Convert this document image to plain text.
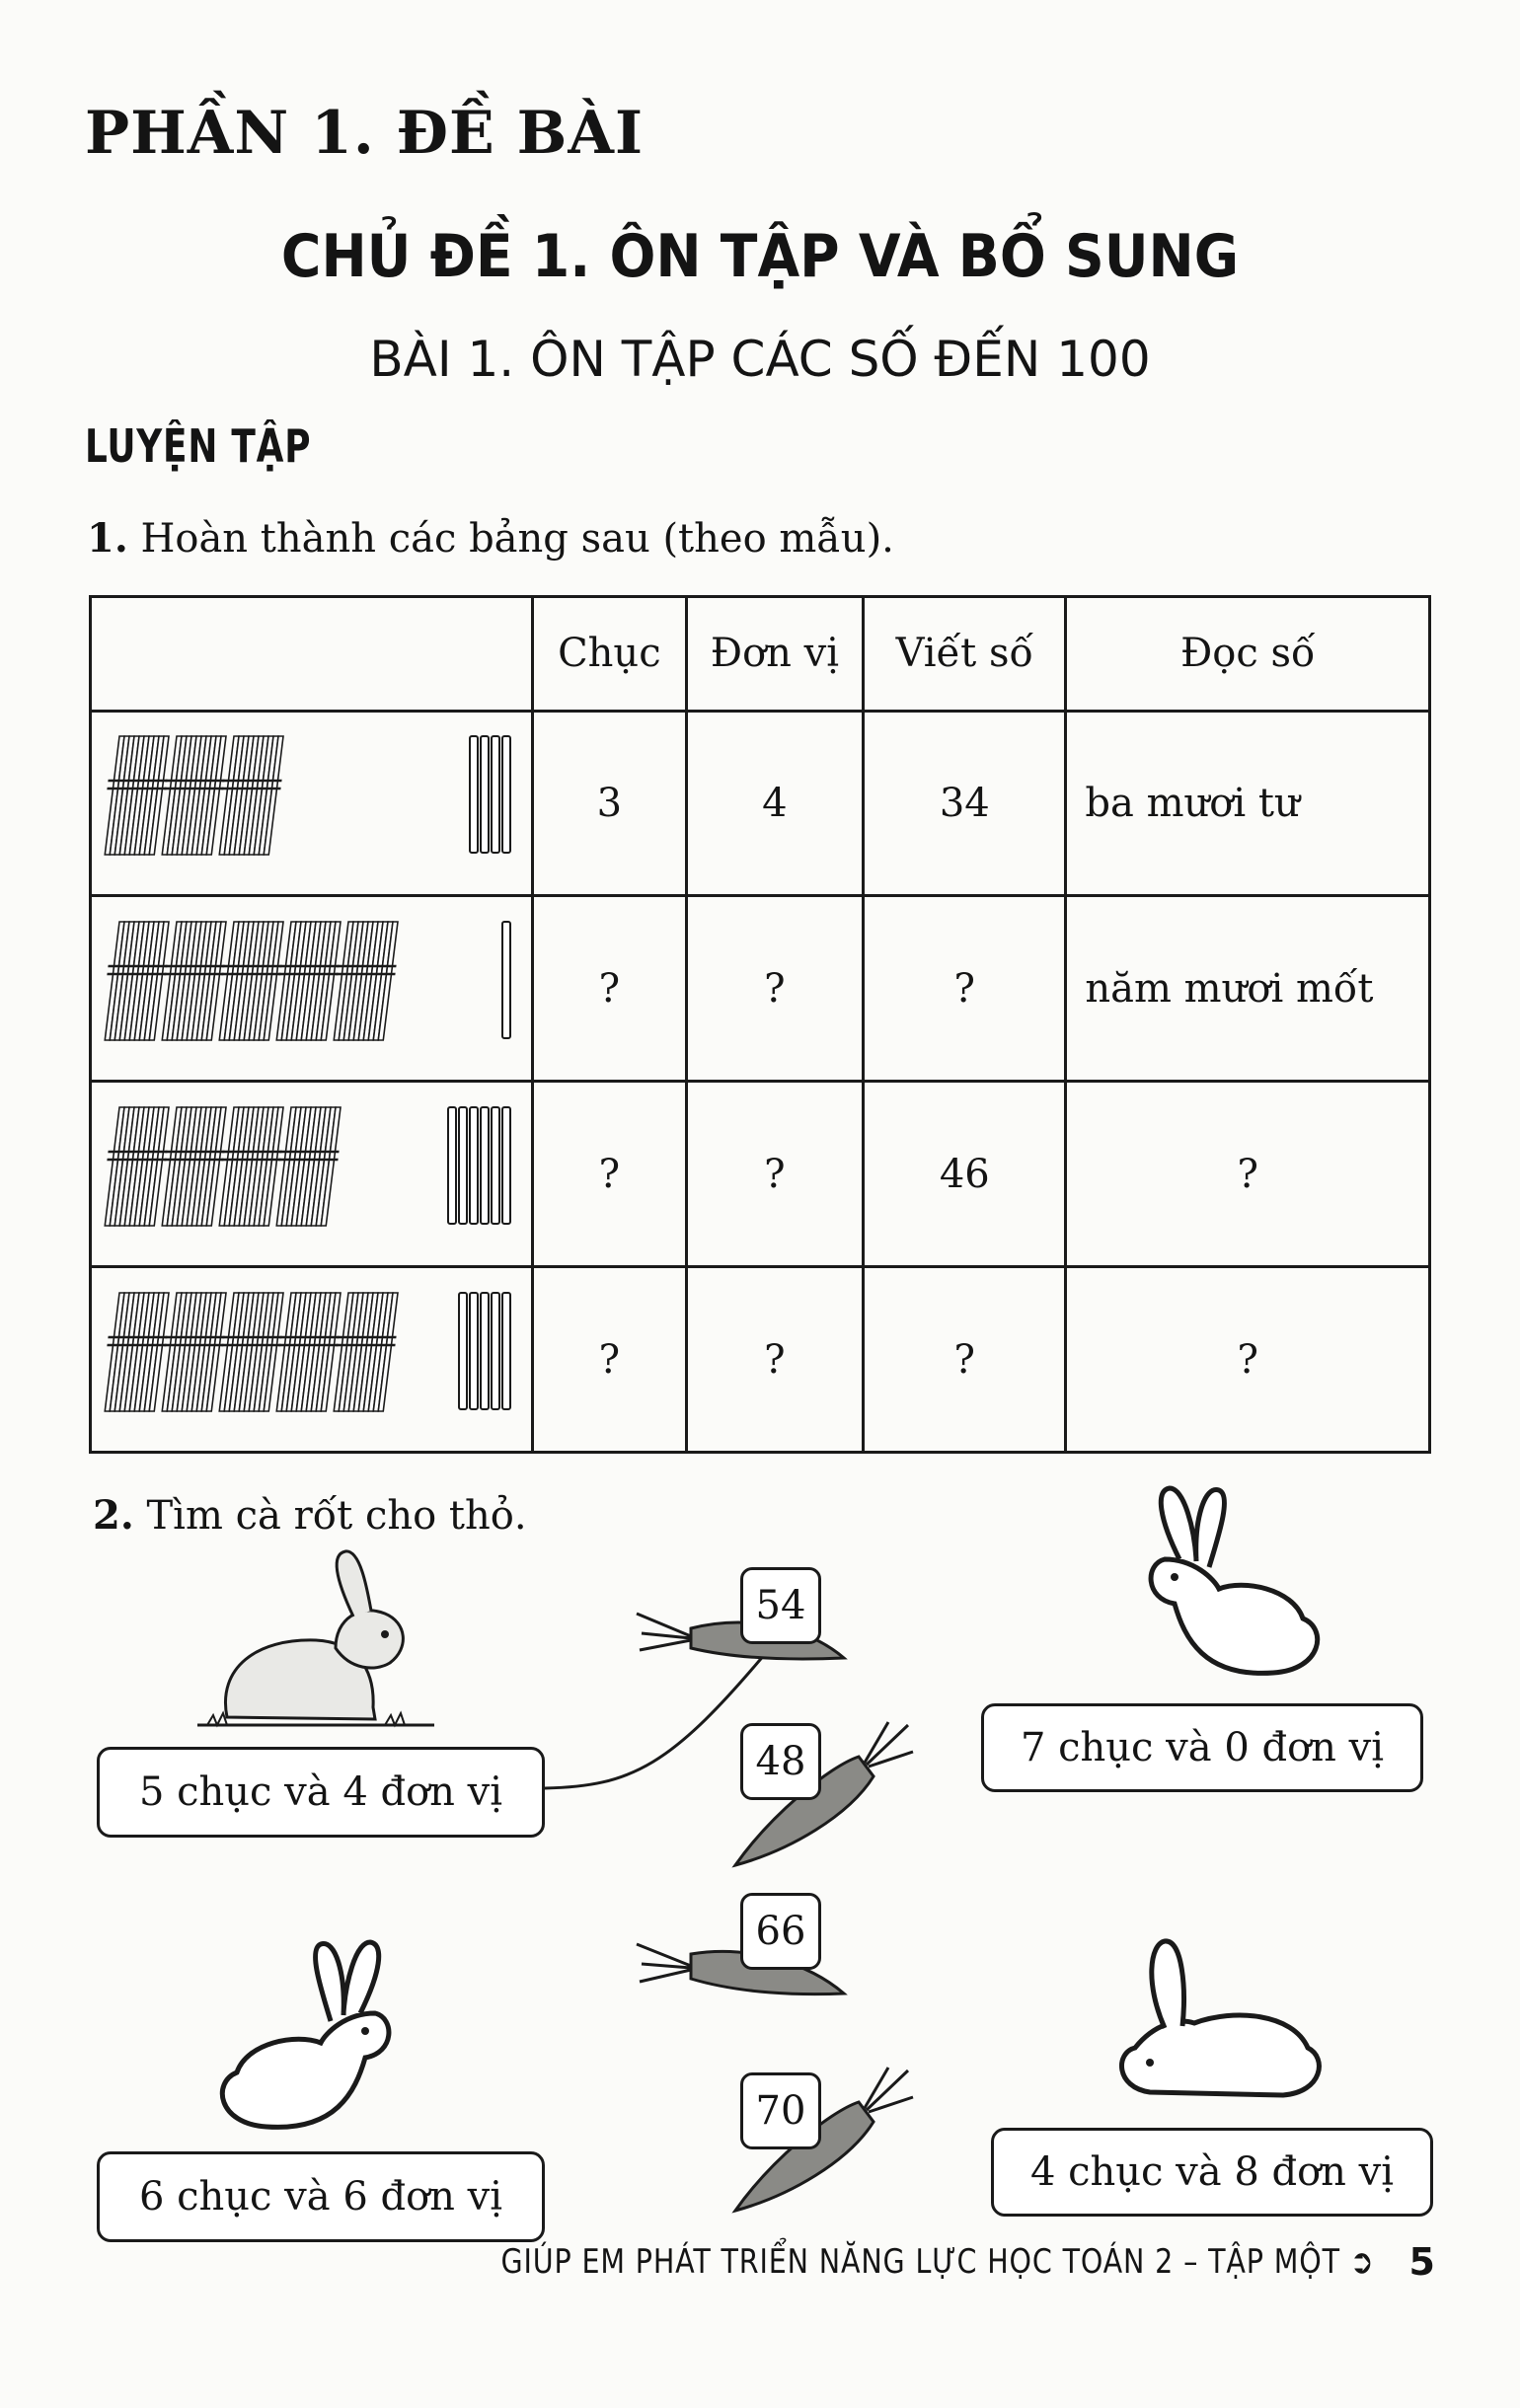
PHẦN 1. ĐỀ BÀI
CHỦ ĐỀ 1. ÔN TẬP VÀ BỔ SUNG
BÀI 1. ÔN TẬP CÁC SỐ ĐẾN 100
LUYỆN TẬP
1. Hoàn thành các bảng sau (theo mẫu).
	Chục	Đơn vị	Viết số	Đọc số
	3	4	34	ba mươi tư
	?	?	?	năm mươi mốt
	?	?	46	?
	?	?	?	?
2. Tìm cà rốt cho thỏ.
54
48
66
70
5 chục và 4 đơn vị
7 chục và 0 đơn vị
6 chục và 6 đơn vị
4 chục và 8 đơn vị
GIÚP EM PHÁT TRIỂN NĂNG LỰC HỌC TOÁN 2 – TẬP MỘT ➲ 5
